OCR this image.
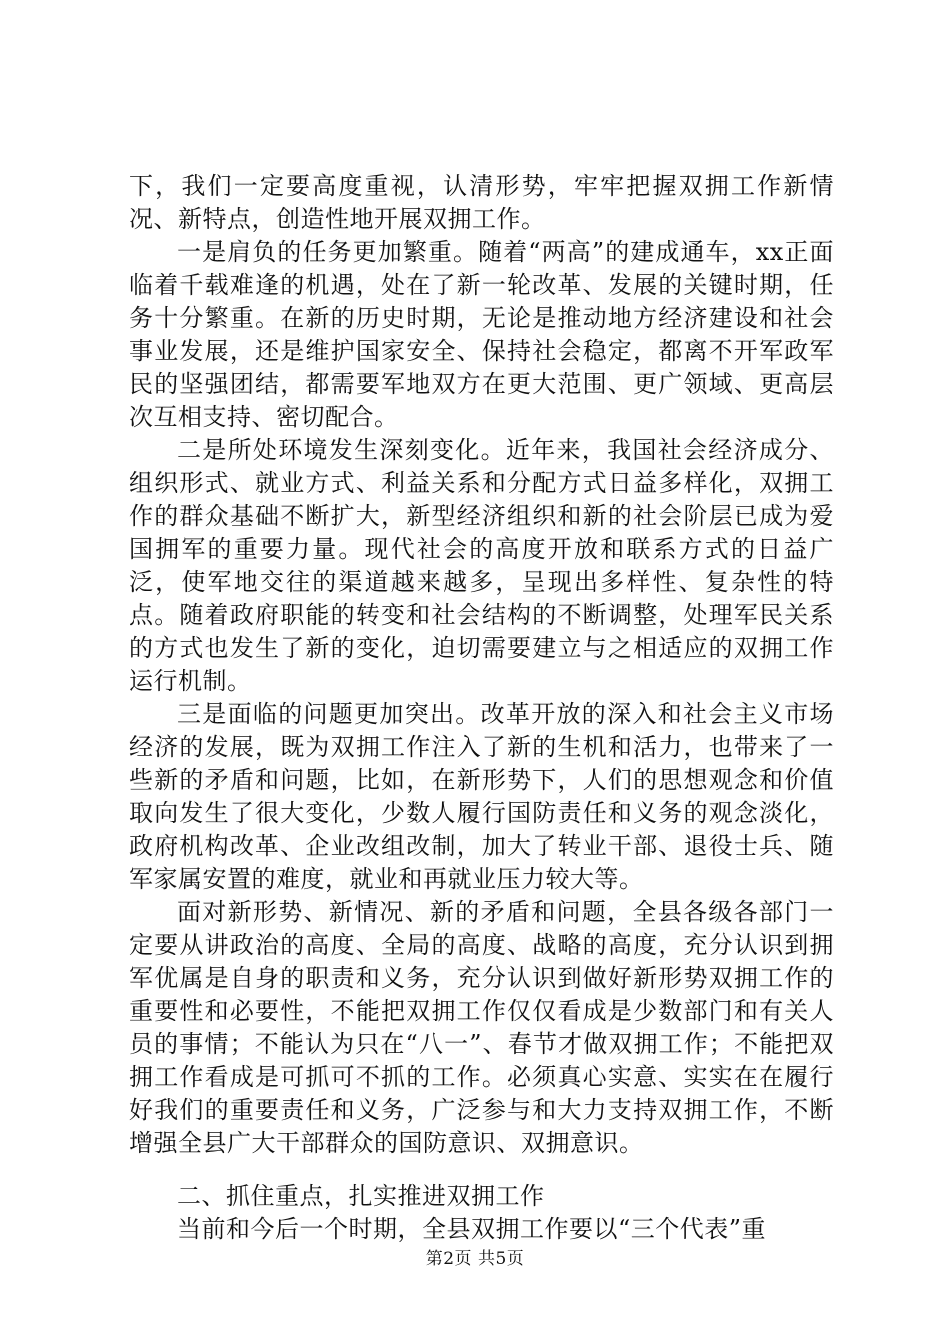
下，我们一定要高度重视，认清形势，牢牢把握双拥工作新情况、新特点，创造性地开展双拥工作。

一是肩负的任务更加繁重。随着“两高”的建成通车，xx正面临着千载难逢的机遇，处在了新一轮改革、发展的关键时期，任务十分繁重。在新的历史时期，无论是推动地方经济建设和社会事业发展，还是维护国家安全、保持社会稳定，都离不开军政军民的坚强团结，都需要军地双方在更大范围、更广领域、更高层次互相支持、密切配合。

二是所处环境发生深刻变化。近年来，我国社会经济成分、组织形式、就业方式、利益关系和分配方式日益多样化，双拥工作的群众基础不断扩大，新型经济组织和新的社会阶层已成为爱国拥军的重要力量。现代社会的高度开放和联系方式的日益广泛，使军地交往的渠道越来越多，呈现出多样性、复杂性的特点。随着政府职能的转变和社会结构的不断调整，处理军民关系的方式也发生了新的变化，迫切需要建立与之相适应的双拥工作运行机制。

三是面临的问题更加突出。改革开放的深入和社会主义市场经济的发展，既为双拥工作注入了新的生机和活力，也带来了一些新的矛盾和问题，比如，在新形势下，人们的思想观念和价值取向发生了很大变化，少数人履行国防责任和义务的观念淡化，政府机构改革、企业改组改制，加大了转业干部、退役士兵、随军家属安置的难度，就业和再就业压力较大等。

面对新形势、新情况、新的矛盾和问题，全县各级各部门一定要从讲政治的高度、全局的高度、战略的高度，充分认识到拥军优属是自身的职责和义务，充分认识到做好新形势双拥工作的重要性和必要性，不能把双拥工作仅仅看成是少数部门和有关人员的事情；不能认为只在“八一”、春节才做双拥工作；不能把双拥工作看成是可抓可不抓的工作。必须真心实意、实实在在履行好我们的重要责任和义务，广泛参与和大力支持双拥工作，不断增强全县广大干部群众的国防意识、双拥意识。

二、抓住重点，扎实推进双拥工作

当前和今后一个时期，全县双拥工作要以“三个代表”重

第2页 共5页
